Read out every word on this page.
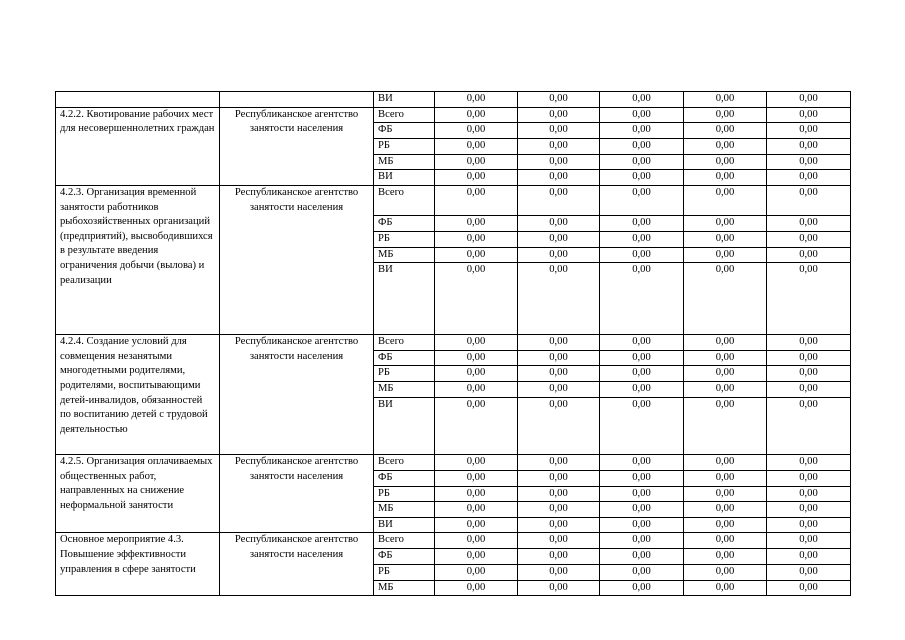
		ВИ	0,00	0,00	0,00	0,00	0,00
4.2.2. Квотирование рабочих мест для несовершеннолетних граждан	Республиканское агентство занятости населения	Всего	0,00	0,00	0,00	0,00	0,00
		ФБ	0,00	0,00	0,00	0,00	0,00
		РБ	0,00	0,00	0,00	0,00	0,00
		МБ	0,00	0,00	0,00	0,00	0,00
		ВИ	0,00	0,00	0,00	0,00	0,00
4.2.3. Организация временной занятости работников рыбохозяйственных организаций (предприятий), высвободившихся в результате введения ограничения добычи (вылова) и реализации	Республиканское агентство занятости населения	Всего	0,00	0,00	0,00	0,00	0,00
		ФБ	0,00	0,00	0,00	0,00	0,00
		РБ	0,00	0,00	0,00	0,00	0,00
		МБ	0,00	0,00	0,00	0,00	0,00
		ВИ	0,00	0,00	0,00	0,00	0,00
4.2.4. Создание условий для совмещения незанятыми многодетными родителями, родителями, воспитывающими детей-инвалидов, обязанностей по воспитанию детей с трудовой деятельностью	Республиканское агентство занятости населения	Всего	0,00	0,00	0,00	0,00	0,00
		ФБ	0,00	0,00	0,00	0,00	0,00
		РБ	0,00	0,00	0,00	0,00	0,00
		МБ	0,00	0,00	0,00	0,00	0,00
		ВИ	0,00	0,00	0,00	0,00	0,00
4.2.5. Организация оплачиваемых общественных работ, направленных на снижение неформальной занятости	Республиканское агентство занятости населения	Всего	0,00	0,00	0,00	0,00	0,00
		ФБ	0,00	0,00	0,00	0,00	0,00
		РБ	0,00	0,00	0,00	0,00	0,00
		МБ	0,00	0,00	0,00	0,00	0,00
		ВИ	0,00	0,00	0,00	0,00	0,00
Основное мероприятие 4.3. Повышение эффективности управления в сфере занятости	Республиканское агентство занятости населения	Всего	0,00	0,00	0,00	0,00	0,00
		ФБ	0,00	0,00	0,00	0,00	0,00
		РБ	0,00	0,00	0,00	0,00	0,00
		МБ	0,00	0,00	0,00	0,00	0,00
